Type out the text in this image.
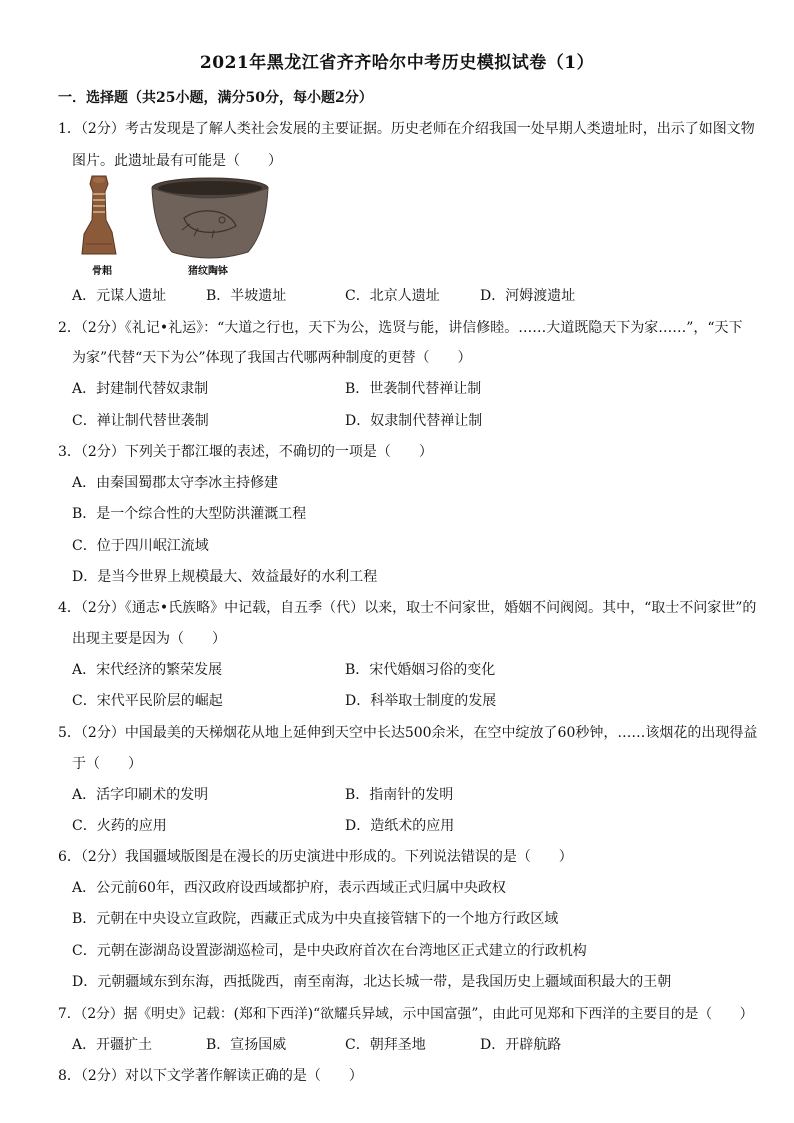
2021年黑龙江省齐齐哈尔中考历史模拟试卷（1）
一．选择题（共25小题，满分50分，每小题2分）
1．（2分）考古发现是了解人类社会发展的主要证据。历史老师在介绍我国一处早期人类遗址时，出示了如图文物
图片。此遗址最有可能是（　　）
骨耜	猪纹陶钵
A．元谋人遗址	B．半坡遗址	C．北京人遗址	D．河姆渡遗址
2．（2分）《礼记•礼运》：“大道之行也，天下为公，选贤与能，讲信修睦。……大道既隐天下为家……”，“天下
为家”代替“天下为公”体现了我国古代哪两种制度的更替（　　）
A．封建制代替奴隶制	B．世袭制代替禅让制
C．禅让制代替世袭制	D．奴隶制代替禅让制
3．（2分）下列关于都江堰的表述，不确切的一项是（　　）
A．由秦国蜀郡太守李冰主持修建
B．是一个综合性的大型防洪灌溉工程
C．位于四川岷江流域
D．是当今世界上规模最大、效益最好的水利工程
4．（2分）《通志•氏族略》中记载，自五季（代）以来，取士不问家世，婚姻不问阀阅。其中，“取士不问家世”的
出现主要是因为（　　）
A．宋代经济的繁荣发展	B．宋代婚姻习俗的变化
C．宋代平民阶层的崛起	D．科举取士制度的发展
5．（2分）中国最美的天梯烟花从地上延伸到天空中长达500余米，在空中绽放了60秒钟，……该烟花的出现得益
于（　　）
A．活字印刷术的发明	B．指南针的发明
C．火药的应用	D．造纸术的应用
6．（2分）我国疆域版图是在漫长的历史演进中形成的。下列说法错误的是（　　）
A．公元前60年，西汉政府设西域都护府，表示西域正式归属中央政权
B．元朝在中央设立宣政院，西藏正式成为中央直接管辖下的一个地方行政区域
C．元朝在澎湖岛设置澎湖巡检司，是中央政府首次在台湾地区正式建立的行政机构
D．元朝疆域东到东海，西抵陇西，南至南海，北达长城一带，是我国历史上疆域面积最大的王朝
7．（2分）据《明史》记载：(郑和下西洋)“欲耀兵异域，示中国富强”，由此可见郑和下西洋的主要目的是（　　）
A．开疆扩土	B．宣扬国威	C．朝拜圣地	D．开辟航路
8．（2分）对以下文学著作解读正确的是（　　）
